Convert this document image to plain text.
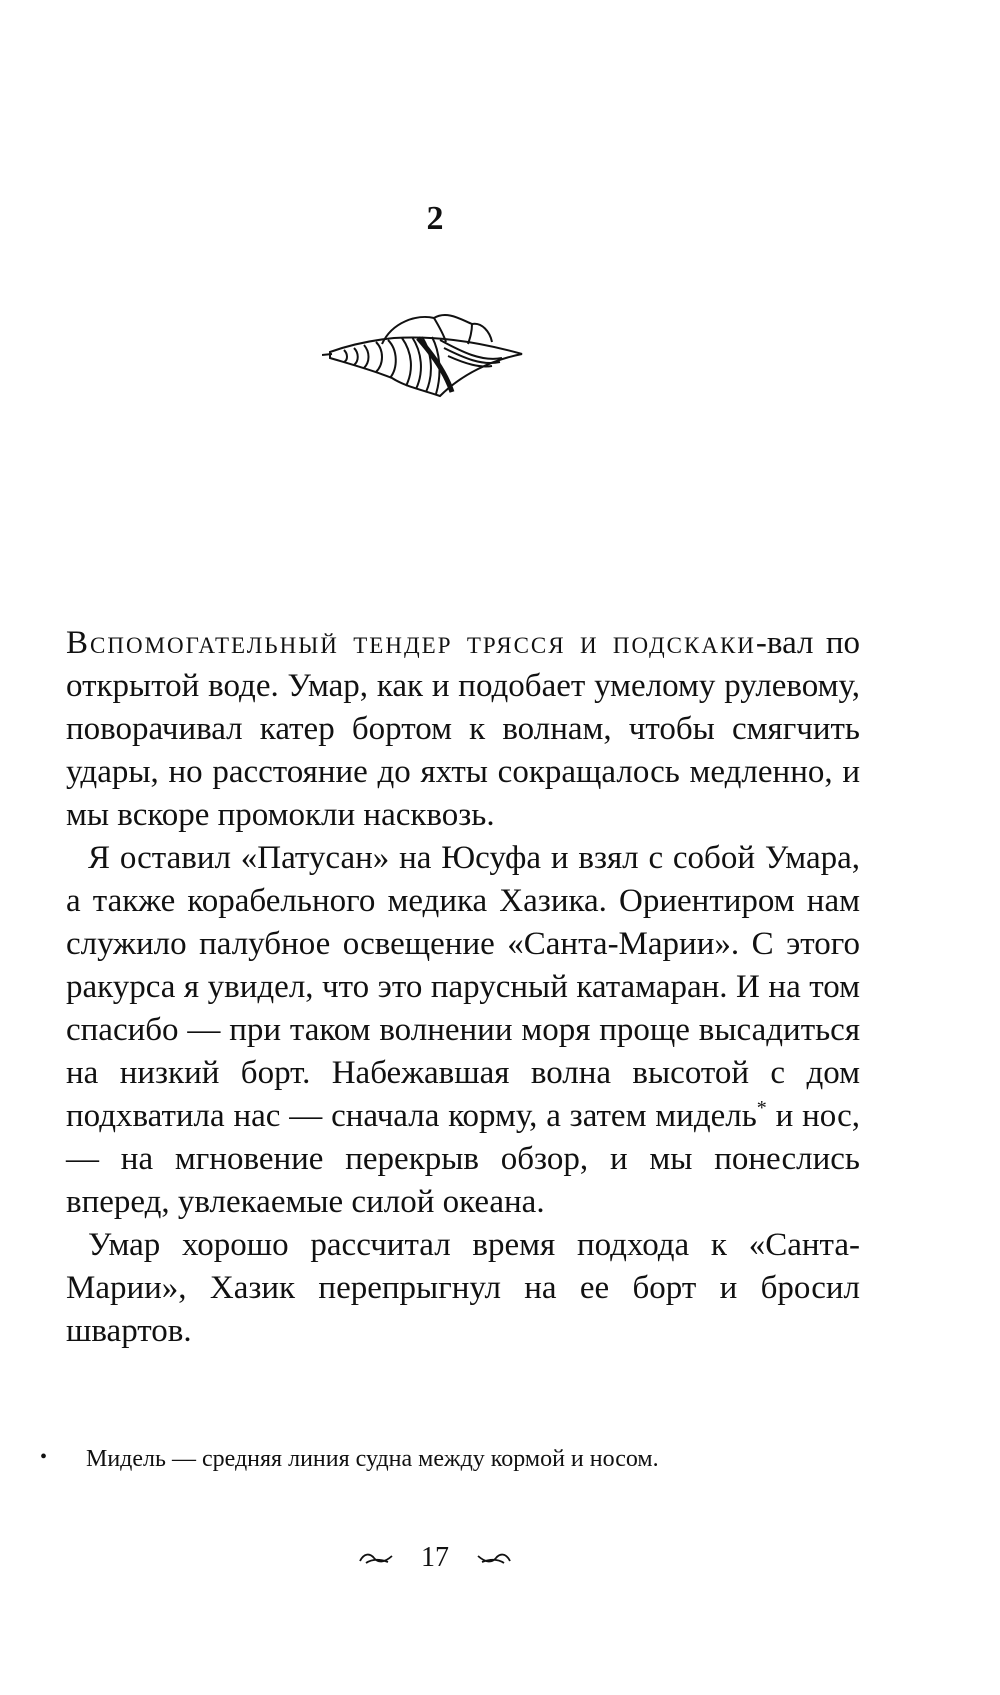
2

Вспомогательный тендер трясся и подскаки-вал по открытой воде. Умар, как и подобает умелому рулевому, поворачивал катер бортом к волнам, чтобы смягчить удары, но расстояние до яхты сокращалось медленно, и мы вскоре промокли насквозь.

Я оставил «Патусан» на Юсуфа и взял с собой Умара, а также корабельного медика Хазика. Ориентиром нам служило палубное освещение «Санта-Марии». С этого ракурса я увидел, что это парусный катамаран. И на том спасибо — при таком волнении моря проще высадиться на низкий борт. Набежавшая волна высотой с дом подхватила нас — сначала корму, а затем мидель* и нос, — на мгновение перекрыв обзор, и мы понеслись вперед, увлекаемые силой океана.

Умар хорошо рассчитал время подхода к «Санта-Марии», Хазик перепрыгнул на ее борт и бросил швартов.

• Мидель — средняя линия судна между кормой и носом.
17
